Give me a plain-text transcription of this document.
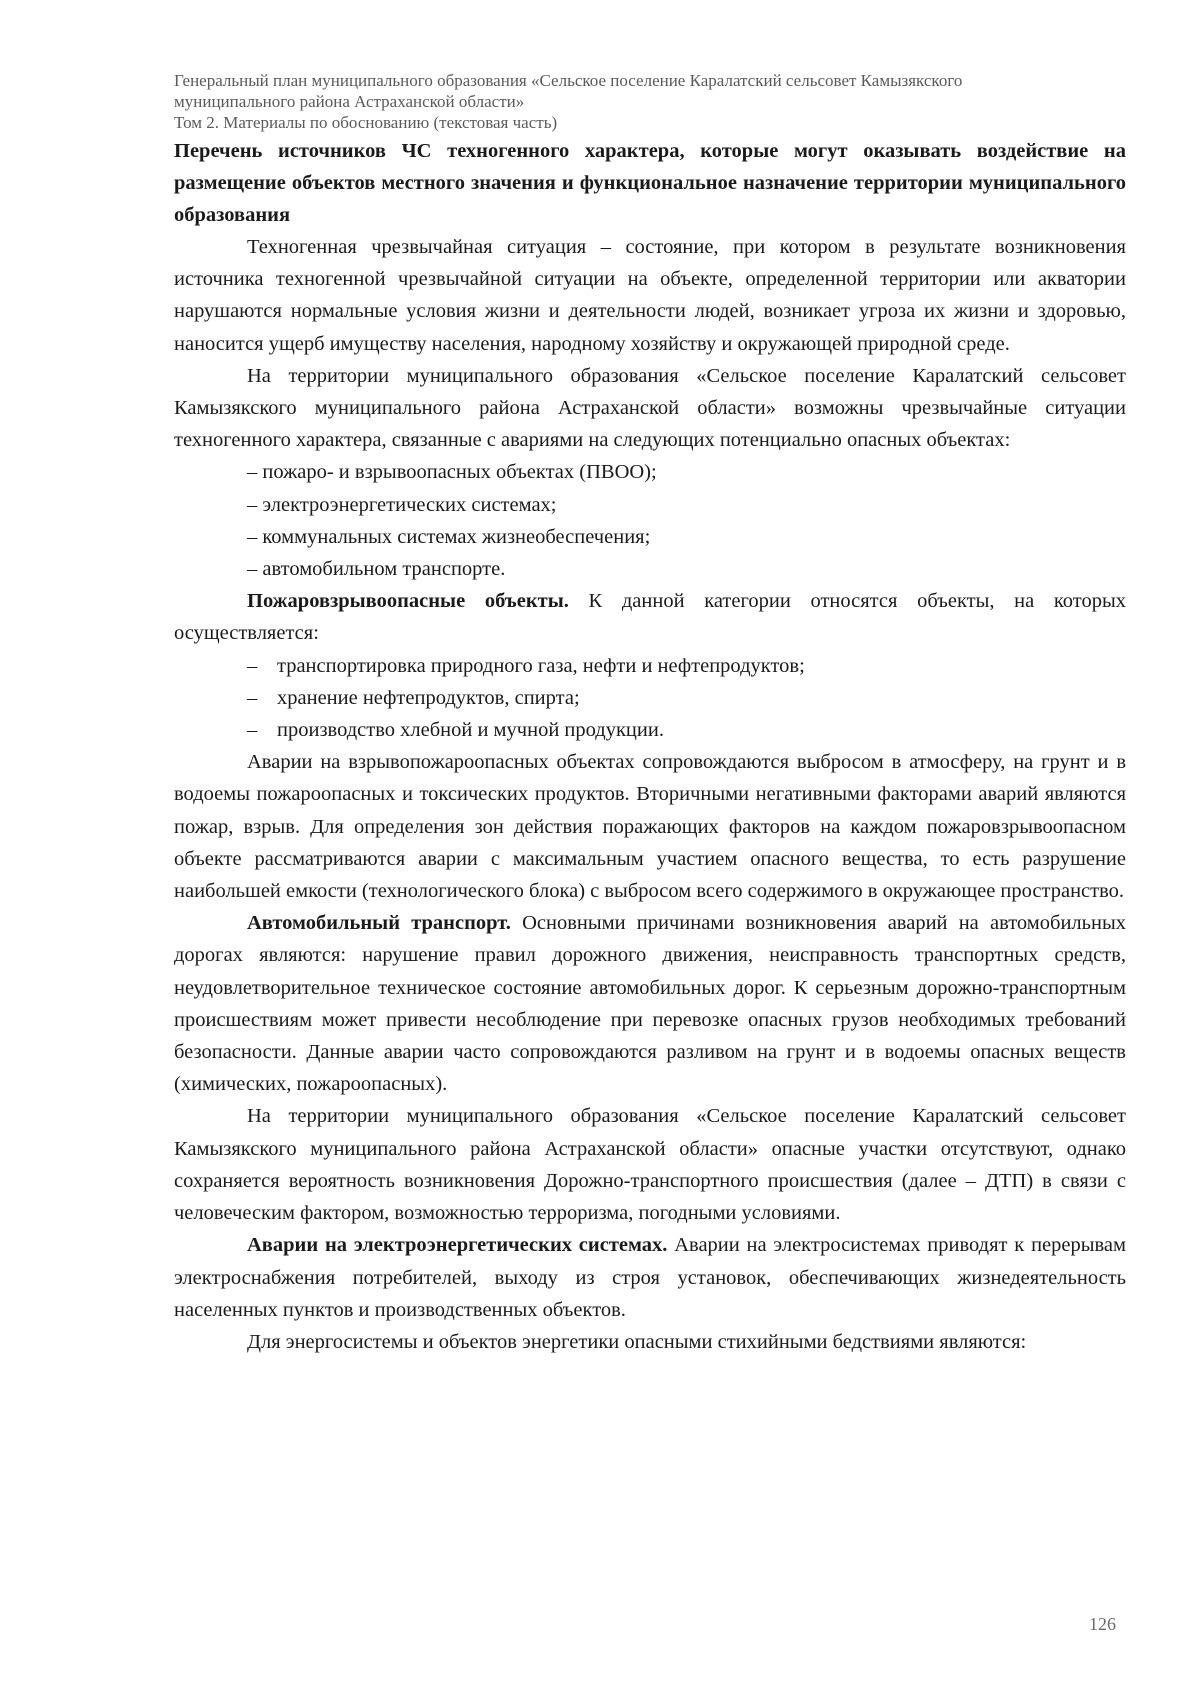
Генеральный план муниципального образования «Сельское поселение Каралатский сельсовет Камызякского
муниципального района Астраханской области»
Том 2. Материалы по обоснованию (текстовая часть)
Перечень источников ЧС техногенного характера, которые могут оказывать воздействие на размещение объектов местного значения и функциональное назначение территории муниципального образования

Техногенная чрезвычайная ситуация – состояние, при котором в результате возникновения источника техногенной чрезвычайной ситуации на объекте, определенной территории или акватории нарушаются нормальные условия жизни и деятельности людей, возникает угроза их жизни и здоровью, наносится ущерб имуществу населения, народному хозяйству и окружающей природной среде.

На территории муниципального образования «Сельское поселение Каралатский сельсовет Камызякского муниципального района Астраханской области» возможны чрезвычайные ситуации техногенного характера, связанные с авариями на следующих потенциально опасных объектах:

– пожаро- и взрывоопасных объектах (ПВОО);
– электроэнергетических системах;
– коммунальных системах жизнеобеспечения;
– автомобильном транспорте.

Пожаровзрывоопасные объекты. К данной категории относятся объекты, на которых осуществляется:

– транспортировка природного газа, нефти и нефтепродуктов;
– хранение нефтепродуктов, спирта;
– производство хлебной и мучной продукции.

Аварии на взрывопожароопасных объектах сопровождаются выбросом в атмосферу, на грунт и в водоемы пожароопасных и токсических продуктов. Вторичными негативными факторами аварий являются пожар, взрыв. Для определения зон действия поражающих факторов на каждом пожаровзрывоопасном объекте рассматриваются аварии с максимальным участием опасного вещества, то есть разрушение наибольшей емкости (технологического блока) с выбросом всего содержимого в окружающее пространство.

Автомобильный транспорт. Основными причинами возникновения аварий на автомобильных дорогах являются: нарушение правил дорожного движения, неисправность транспортных средств, неудовлетворительное техническое состояние автомобильных дорог. К серьезным дорожно-транспортным происшествиям может привести несоблюдение при перевозке опасных грузов необходимых требований безопасности. Данные аварии часто сопровождаются разливом на грунт и в водоемы опасных веществ (химических, пожароопасных).

На территории муниципального образования «Сельское поселение Каралатский сельсовет Камызякского муниципального района Астраханской области» опасные участки отсутствуют, однако сохраняется вероятность возникновения Дорожно-транспортного происшествия (далее – ДТП) в связи с человеческим фактором, возможностью терроризма, погодными условиями.

Аварии на электроэнергетических системах. Аварии на электросистемах приводят к перерывам электроснабжения потребителей, выходу из строя установок, обеспечивающих жизнедеятельность населенных пунктов и производственных объектов.

Для энергосистемы и объектов энергетики опасными стихийными бедствиями являются:

126
